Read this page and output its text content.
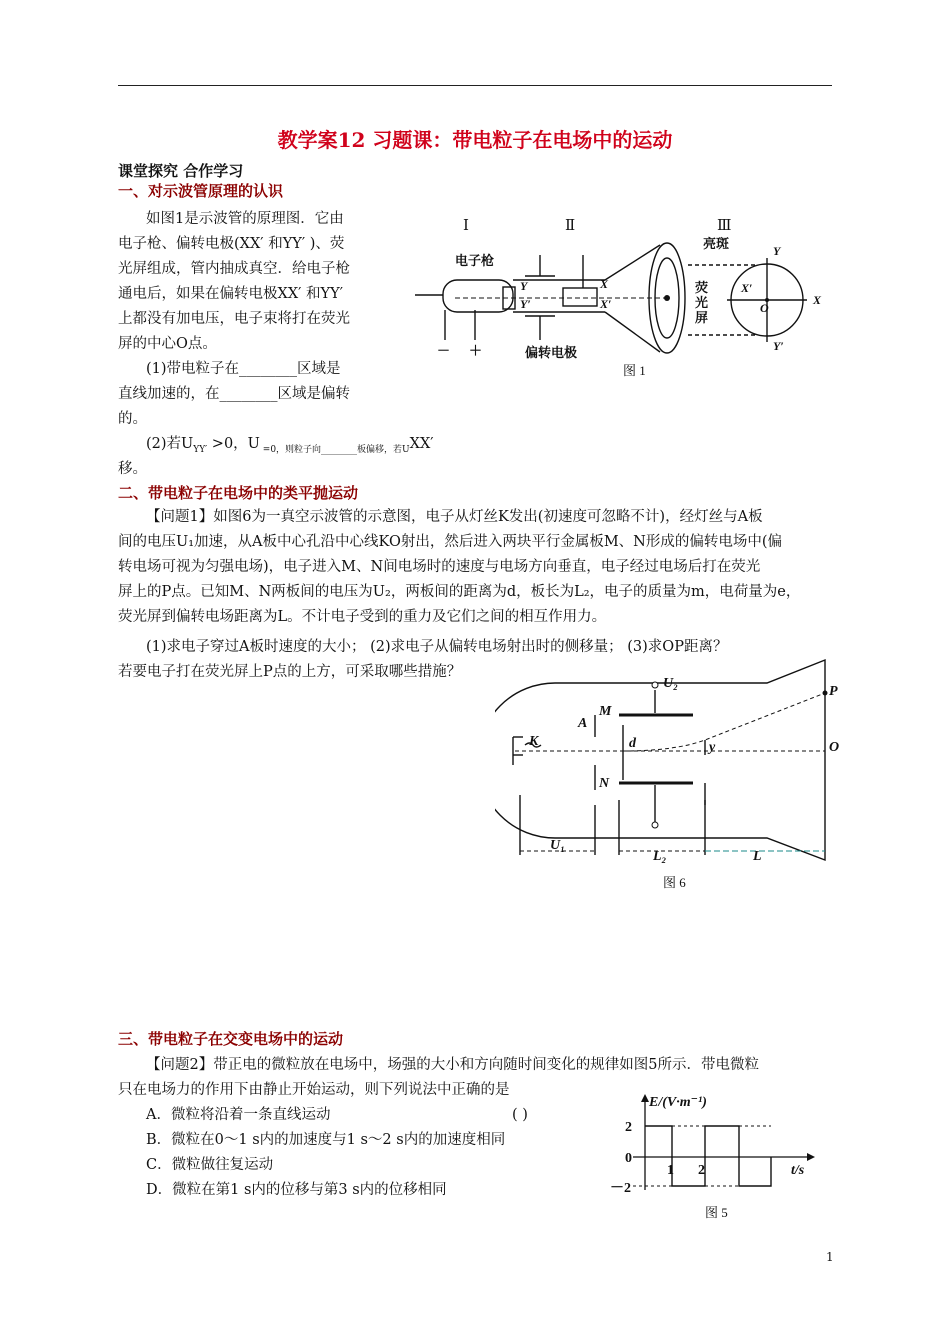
教学案12 习题课：带电粒子在电场中的运动
课堂探究 合作学习
一、对示波管原理的认识
如图1是示波管的原理图．它由
电子枪、偏转电极(XX′ 和YY′ )、荧
光屏组成，管内抽成真空．给电子枪
通电后，如果在偏转电极XX′ 和YY′
上都没有加电压，电子束将打在荧光
屏的中心O点。
(1)带电粒子在________区域是
直线加速的，在________区域是偏转
的。
(2)若$U_{YY'} >0$，U $_{=0,则粒子向\_\_\_\_\_\_\_\_板偏移,若U}$XX′
移。
Ⅰ	Ⅱ	Ⅲ
电子枪
亮斑
偏转电极
荧
光
屏
Y
Y′
X
X′
X′
X
O
Y
Y′
－ ＋
图 1
二、带电粒子在电场中的类平抛运动
【问题1】如图6为一真空示波管的示意图，电子从灯丝K发出(初速度可忽略不计)，经灯丝与A板
间的电压U₁加速，从A板中心孔沿中心线KO射出，然后进入两块平行金属板M、N形成的偏转电场中(偏
转电场可视为匀强电场)，电子进入M、N间电场时的速度与电场方向垂直，电子经过电场后打在荧光
屏上的P点。已知M、N两板间的电压为U₂，两板间的距离为d，板长为L₂，电子的质量为m，电荷量为e，
荧光屏到偏转电场距离为L。不计电子受到的重力及它们之间的相互作用力。
(1)求电子穿过A板时速度的大小； (2)求电子从偏转电场射出时的侧移量； (3)求OP距离？
若要电子打在荧光屏上P点的上方，可采取哪些措施？
U₂
A
M
N
K	d	y
P
O
U₁
L₂	L
图 6
三、带电粒子在交变电场中的运动
【问题2】带正电的微粒放在电场中，场强的大小和方向随时间变化的规律如图5所示．带电微粒
只在电场力的作用下由静止开始运动，则下列说法中正确的是
( )
A．微粒将沿着一条直线运动
B．微粒在0～1 s内的加速度与1 s～2 s内的加速度相同
C．微粒做往复运动
D．微粒在第1 s内的位移与第3 s内的位移相同
E/(V·m⁻¹)
t/s
2
0
－2
1 2
图 5
1
